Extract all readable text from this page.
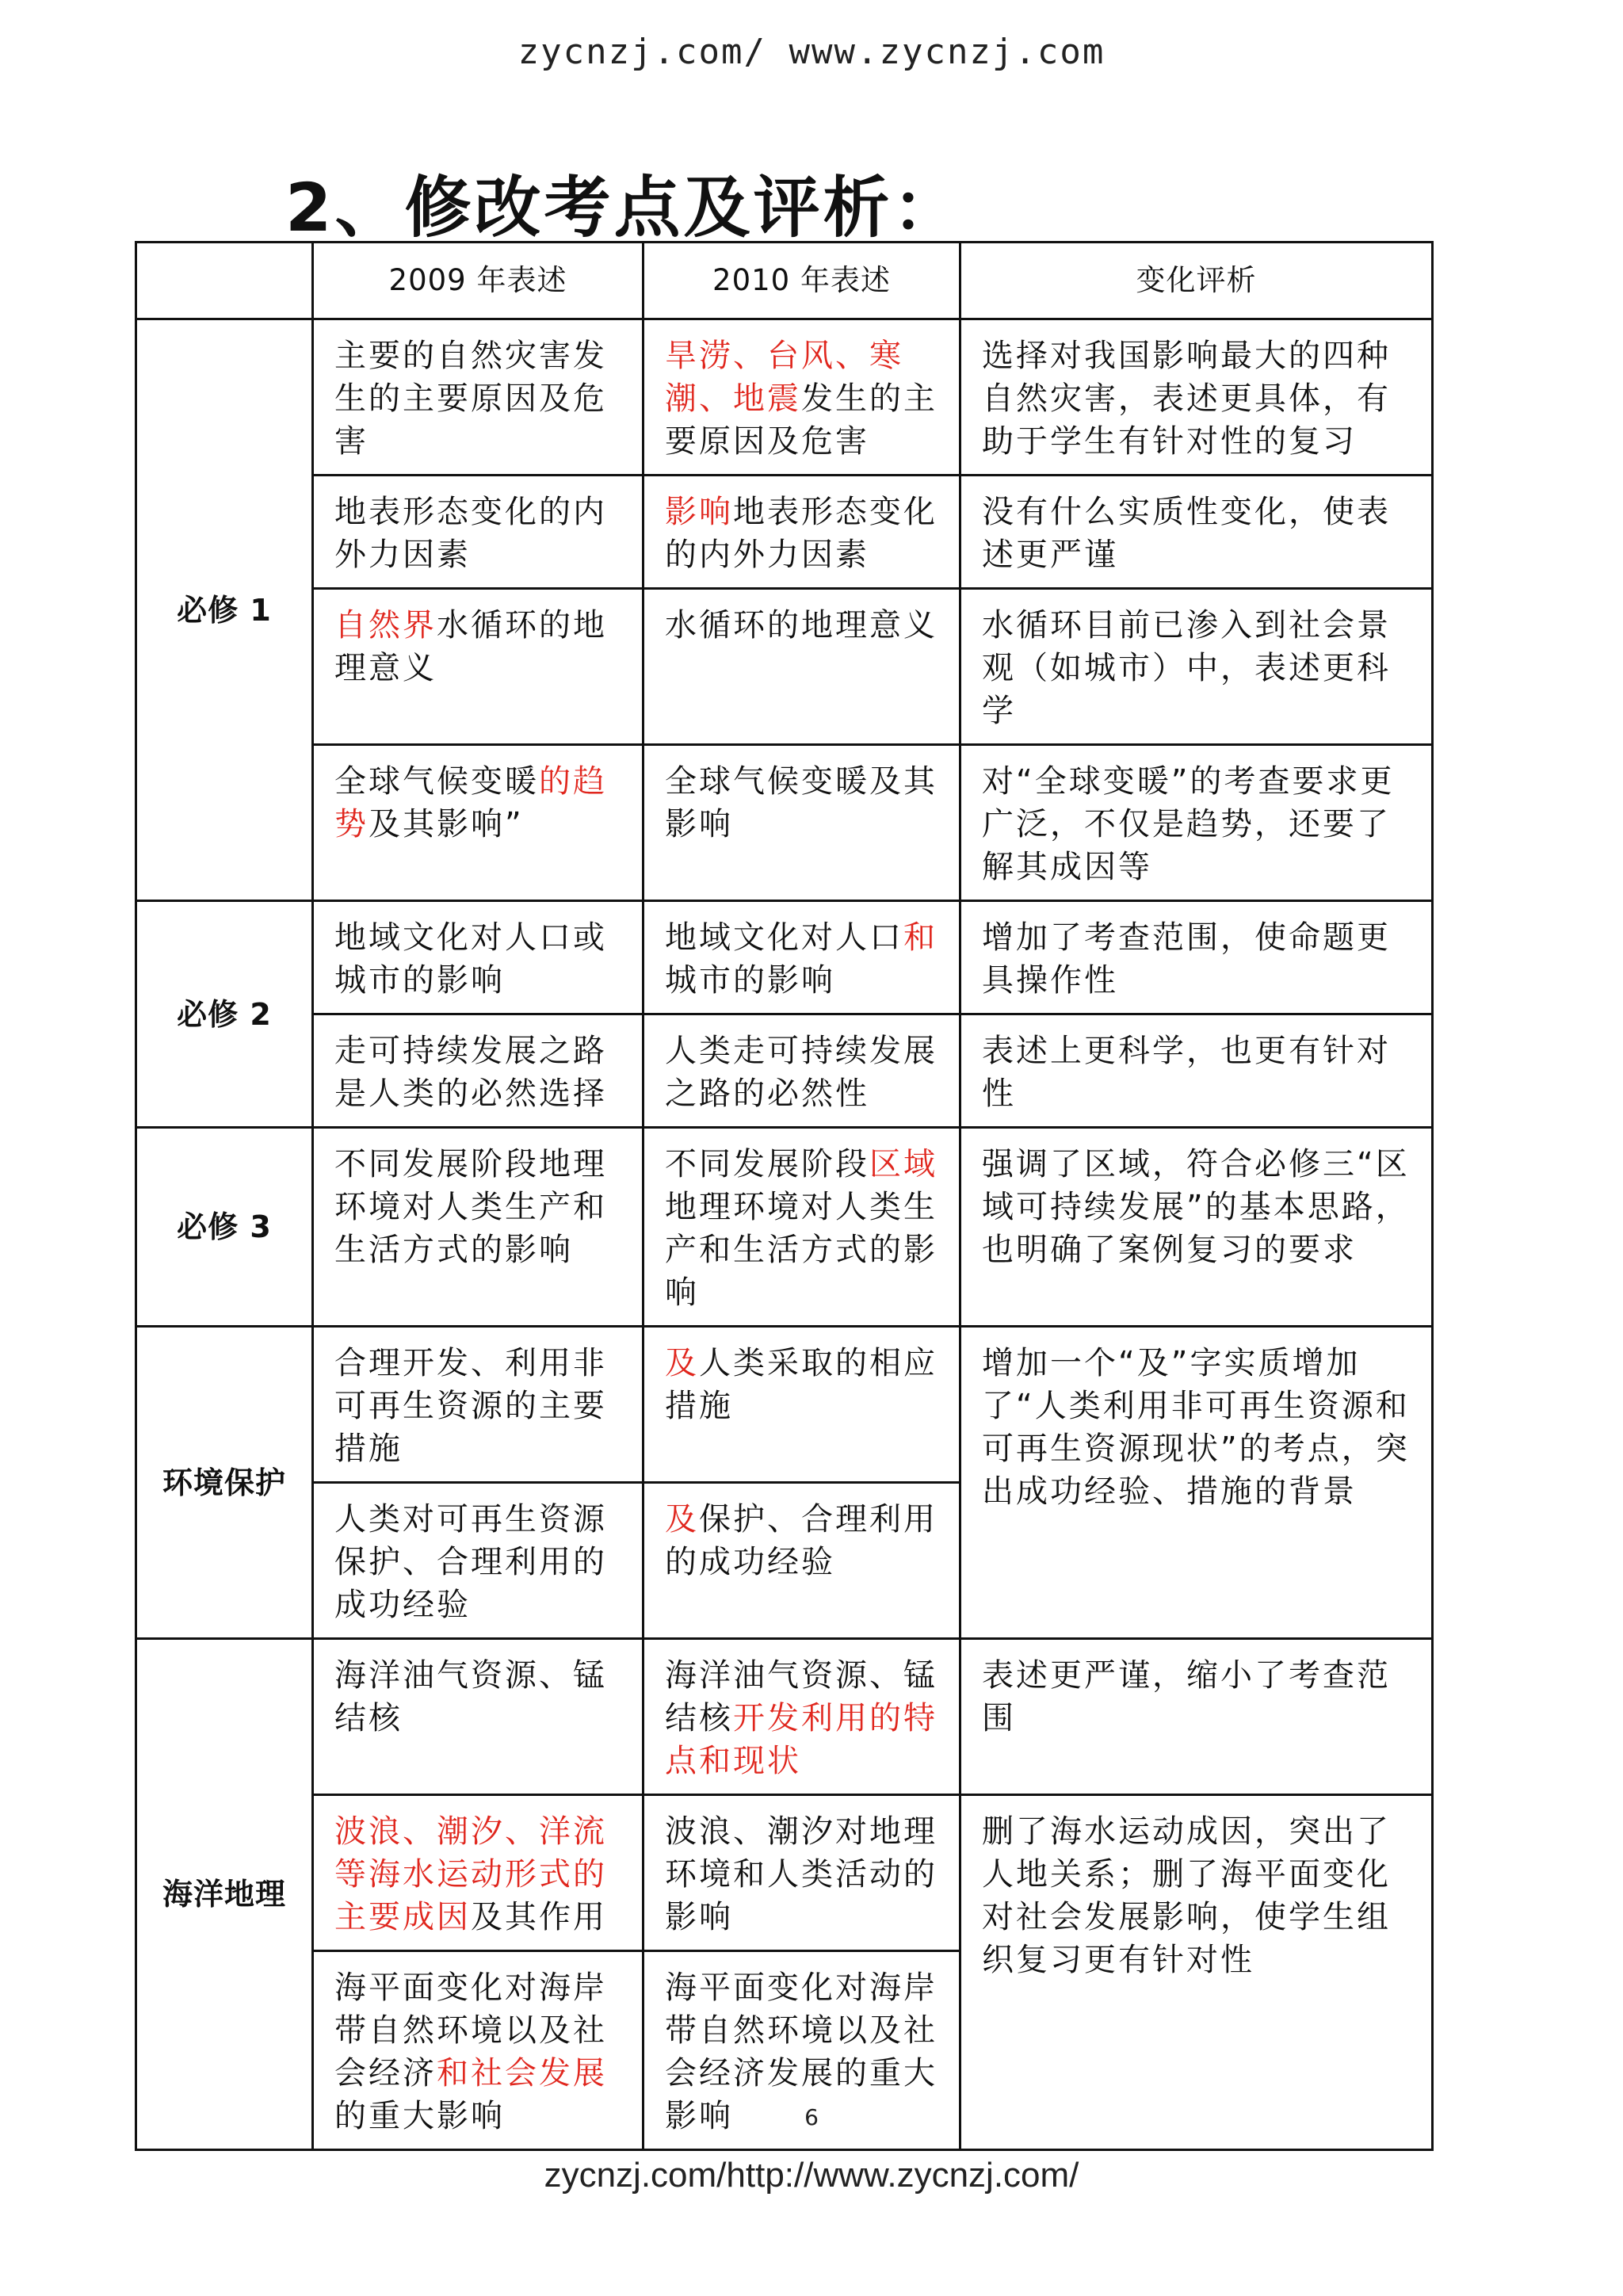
zycnzj.com/ www.zycnzj.com
2、修改考点及评析：
	2009 年表述	2010 年表述	变化评析
必修 1	主要的自然灾害发生的主要原因及危害	旱涝、台风、寒潮、地震发生的主要原因及危害	选择对我国影响最大的四种自然灾害，表述更具体，有助于学生有针对性的复习
	地表形态变化的内外力因素	影响地表形态变化的内外力因素	没有什么实质性变化，使表述更严谨
	自然界水循环的地理意义	水循环的地理意义	水循环目前已渗入到社会景观（如城市）中，表述更科学
	全球气候变暖的趋势及其影响”	全球气候变暖及其影响	对“全球变暖”的考查要求更广泛，不仅是趋势，还要了解其成因等
必修 2	地域文化对人口或城市的影响	地域文化对人口和城市的影响	增加了考查范围，使命题更具操作性
	走可持续发展之路是人类的必然选择	人类走可持续发展之路的必然性	表述上更科学，也更有针对性
必修 3	不同发展阶段地理环境对人类生产和生活方式的影响	不同发展阶段区域地理环境对人类生产和生活方式的影响	强调了区域，符合必修三“区域可持续发展”的基本思路，也明确了案例复习的要求
环境保护	合理开发、利用非可再生资源的主要措施	及人类采取的相应措施	增加一个“及”字实质增加了“人类利用非可再生资源和可再生资源现状”的考点，突出成功经验、措施的背景
	人类对可再生资源保护、合理利用的成功经验	及保护、合理利用的成功经验	
海洋地理	海洋油气资源、锰结核	海洋油气资源、锰结核开发利用的特点和现状	表述更严谨，缩小了考查范围
	波浪、潮汐、洋流等海水运动形式的主要成因及其作用	波浪、潮汐对地理环境和人类活动的影响	删了海水运动成因，突出了人地关系；删了海平面变化对社会发展影响，使学生组织复习更有针对性
	海平面变化对海岸带自然环境以及社会经济和社会发展的重大影响	海平面变化对海岸带自然环境以及社会经济发展的重大影响		6
zycnzj.com/http://www.zycnzj.com/
